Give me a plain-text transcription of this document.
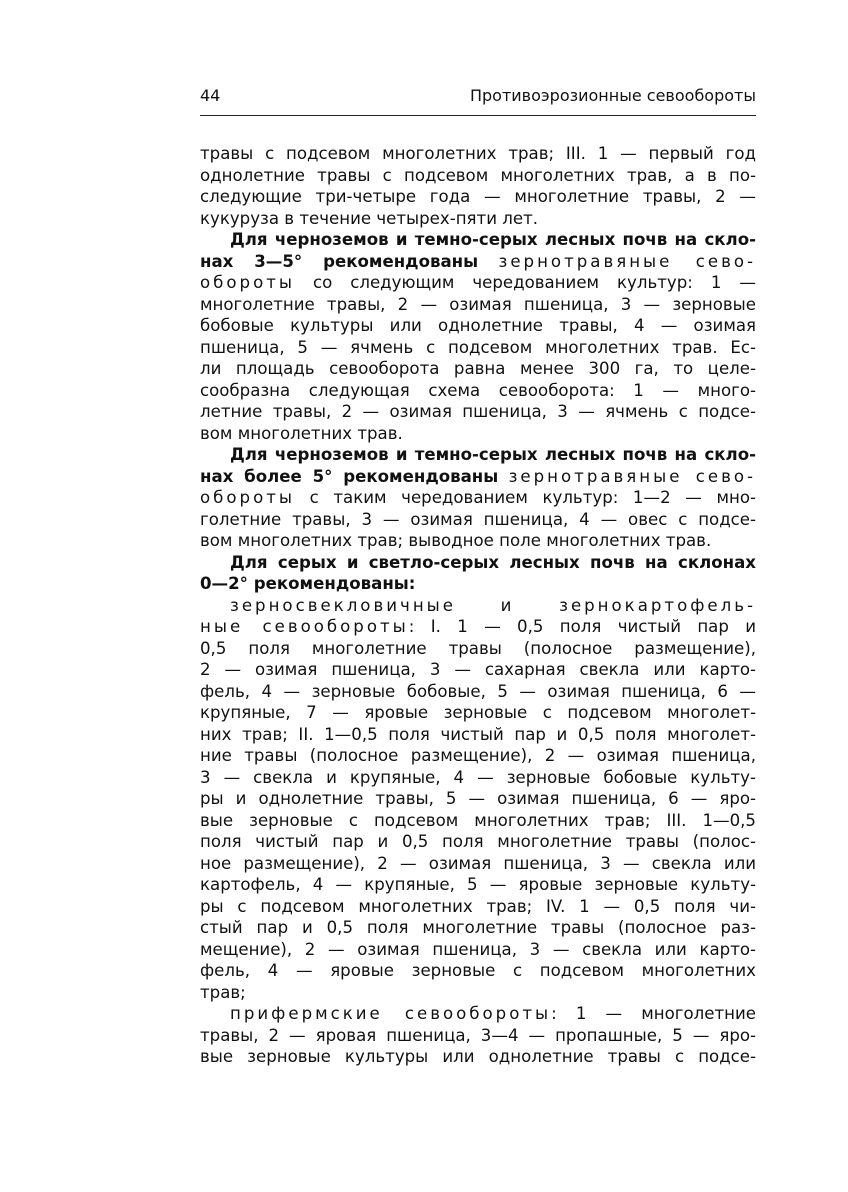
44	Противоэрозионные севообороты
травы с подсевом многолетних трав; III. 1 — первый год
однолетние травы с подсевом многолетних трав, а в по-
следующие три-четыре года — многолетние травы, 2 —
кукуруза в течение четырех-пяти лет.
Для черноземов и темно-серых лесных почв на скло-
нах 3—5° рекомендованы зернотравяные сево-
обороты со следующим чередованием культур: 1 —
многолетние травы, 2 — озимая пшеница, 3 — зерновые
бобовые культуры или однолетние травы, 4 — озимая
пшеница, 5 — ячмень с подсевом многолетних трав. Ес-
ли площадь севооборота равна менее 300 га, то целе-
сообразна следующая схема севооборота: 1 — много-
летние травы, 2 — озимая пшеница, 3 — ячмень с подсе-
вом многолетних трав.
Для черноземов и темно-серых лесных почв на скло-
нах более 5° рекомендованы зернотравяные сево-
обороты с таким чередованием культур: 1—2 — мно-
голетние травы, 3 — озимая пшеница, 4 — овес с подсе-
вом многолетних трав; выводное поле многолетних трав.
Для серых и светло-серых лесных почв на склонах
0—2° рекомендованы:
зерносвекловичные и зернокартофель-
ные севообороты: I. 1 — 0,5 поля чистый пар и
0,5 поля многолетние травы (полосное размещение),
2 — озимая пшеница, 3 — сахарная свекла или карто-
фель, 4 — зерновые бобовые, 5 — озимая пшеница, 6 —
крупяные, 7 — яровые зерновые с подсевом многолет-
них трав; II. 1—0,5 поля чистый пар и 0,5 поля многолет-
ние травы (полосное размещение), 2 — озимая пшеница,
3 — свекла и крупяные, 4 — зерновые бобовые культу-
ры и однолетние травы, 5 — озимая пшеница, 6 — яро-
вые зерновые с подсевом многолетних трав; III. 1—0,5
поля чистый пар и 0,5 поля многолетние травы (полос-
ное размещение), 2 — озимая пшеница, 3 — свекла или
картофель, 4 — крупяные, 5 — яровые зерновые культу-
ры с подсевом многолетних трав; IV. 1 — 0,5 поля чи-
стый пар и 0,5 поля многолетние травы (полосное раз-
мещение), 2 — озимая пшеница, 3 — свекла или карто-
фель, 4 — яровые зерновые с подсевом многолетних
трав;
прифермские севообороты: 1 — многолетние
травы, 2 — яровая пшеница, 3—4 — пропашные, 5 — яро-
вые зерновые культуры или однолетние травы с подсе-
